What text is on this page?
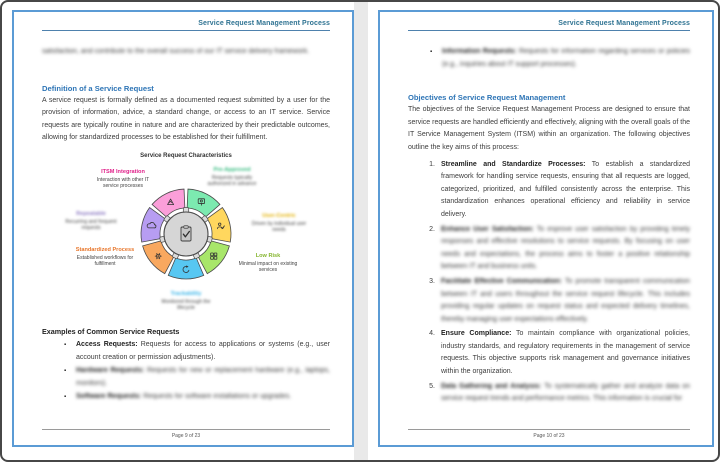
Service Request Management Process

satisfaction, and contribute to the overall success of our IT service delivery framework.

Definition of a Service Request

A service request is formally defined as a documented request submitted by a user for the provision of information, advice, a standard change, or access to an IT service. Service requests are typically routine in nature and are characterized by their predictable outcomes, allowing for standardized processes to be established for their fulfillment.

Service Request Characteristics
ITSM Integration
Interaction with other IT service processes
Pre-Approved
Requests typically authorized in advance
Repeatable
Recurring and frequent requests
User-Centric
Driven by individual user needs
Standardized Process
Established workflows for fulfillment
Low Risk
Minimal impact on existing services
Trackability
Monitored through the lifecycle
Examples of Common Service Requests
▪	Access Requests: Requests for access to applications or systems (e.g., user account creation or permission adjustments).
▪	Hardware Requests: Requests for new or replacement hardware (e.g., laptops, monitors).
▪	Software Requests: Requests for software installations or upgrades.
Page 9 of 23
Service Request Management Process
▪	Information Requests: Requests for information regarding services or policies (e.g., inquiries about IT support processes).
Objectives of Service Request Management

The objectives of the Service Request Management Process are designed to ensure that service requests are handled efficiently and effectively, aligning with the overall goals of the IT Service Management System (ITSM) within an organization. The following objectives outline the key aims of this process:

1. Streamline and Standardize Processes: To establish a standardized framework for handling service requests, ensuring that all requests are logged, categorized, prioritized, and fulfilled consistently across the enterprise. This standardization enhances operational efficiency and reliability in service delivery.
2. Enhance User Satisfaction: To improve user satisfaction by providing timely responses and effective resolutions to service requests. By focusing on user needs and expectations, the process aims to foster a positive relationship between IT and business units.
3. Facilitate Effective Communication: To promote transparent communication between IT and users throughout the service request lifecycle. This includes providing regular updates on request status and expected delivery timelines, thereby managing user expectations effectively.
4. Ensure Compliance: To maintain compliance with organizational policies, industry standards, and regulatory requirements in the management of service requests. This objective supports risk management and governance initiatives within the organization.
5. Data Gathering and Analysis: To systematically gather and analyze data on service request trends and performance metrics. This information is crucial for
Page 10 of 23
